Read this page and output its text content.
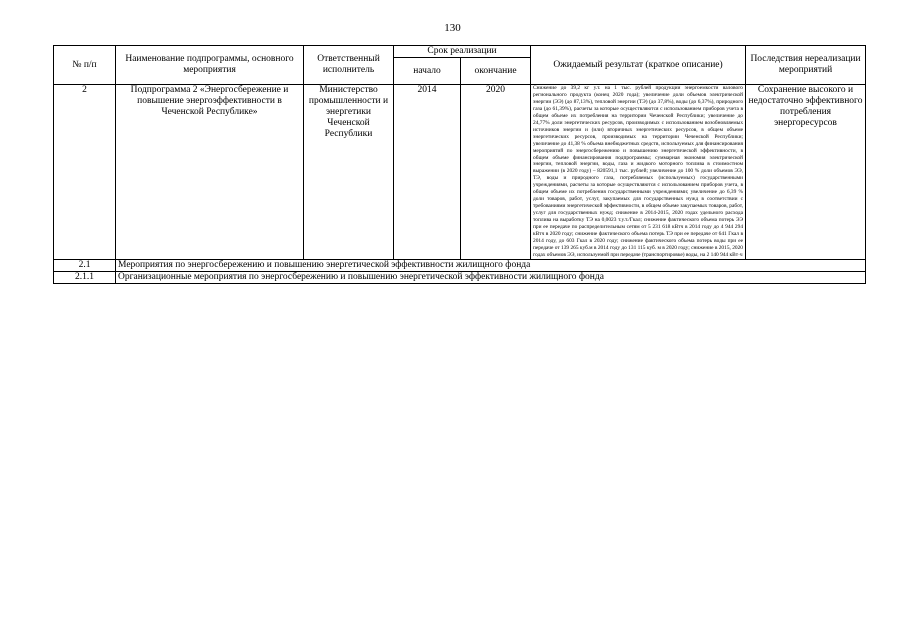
130
№ п/п	Наименование подпрограммы, основного мероприятия	Ответственный исполнитель	Срок реализации		Ожидаемый результат (краткое описание)	Последствия нереализации мероприятий
			начало	окончание		
2	Подпрограмма 2 «Энергосбережение и повышение энергоэффективности в Чеченской Республике»	Министерство промышленности и энергетики Чеченской Республики	2014	2020	Снижение до 39,2 кг у.т. на 1 тыс. рублей продукции энергоемкости валового регионального продукта (конец 2020 года); увеличение доли объемов электрической энергии (ЭЭ) (до 87,13%), тепловой энергии (ТЭ) (до 37,8%), воды (до 6,37%), природного газа (до 61,39%), расчеты за которые осуществляются с использованием приборов учета в общем объеме их потребления на территории Чеченской Республики; увеличение до 24,77% доли энергетических ресурсов, производимых с использованием возобновляемых источников энергии и (или) вторичных энергетических ресурсов, в общем объеме энергетических ресурсов, производимых на территории Чеченской Республики; увеличение до 41,38 % объема внебюджетных средств, используемых для финансирования мероприятий по энергосбережению и повышению энергетической эффективности, в общем объеме финансирования подпрограммы; суммарная экономия электрической энергии, тепловой энергии, воды, газа и жидкого моторного топлива в стоимостном выражении (в 2020 году) – 820591,1 тыс. рублей; увеличение до 100 % доли объемов ЭЭ, ТЭ, воды и природного газа, потребляемых (используемых) государственными учреждениями, расчеты за которые осуществляются с использованием приборов учета, в общем объеме их потребления государственными учреждениями; увеличение до 6,39 % доли товаров, работ, услуг, закупаемых для государственных нужд в соответствии с требованиями энергетической эффективности, в общем объеме закупаемых товаров, работ, услуг для государственных нужд; снижение в 2014-2015, 2020 годах удельного расхода топлива на выработку ТЭ на 0,0023 т.у.т./Гкал; снижение фактического объема потерь ЭЭ при ее передаче по распределительным сетям от 5 231 618 кВтч в 2014 году до 4 944 294 кВтч в 2020 году; снижение фактического объема потерь ТЭ при ее передаче от 641 Гкал в 2014 году, до 603 Гкал в 2020 году; снижение фактического объема потерь воды при ее передаче от 139 265 куб.м в 2014 году до 131 115 куб. м в 2020 году; снижение в 2015, 2020 годах объемов ЭЭ, используемой при передаче (транспортировке) воды, на 2 140 944 кВт·ч	Сохранение высокого и недостаточно эффективного потребления энергоресурсов
2.1	Мероприятия по энергосбережению и повышению энергетической эффективности жилищного фонда					
2.1.1	Организационные мероприятия по энергосбережению и повышению энергетической эффективности жилищного фонда					
